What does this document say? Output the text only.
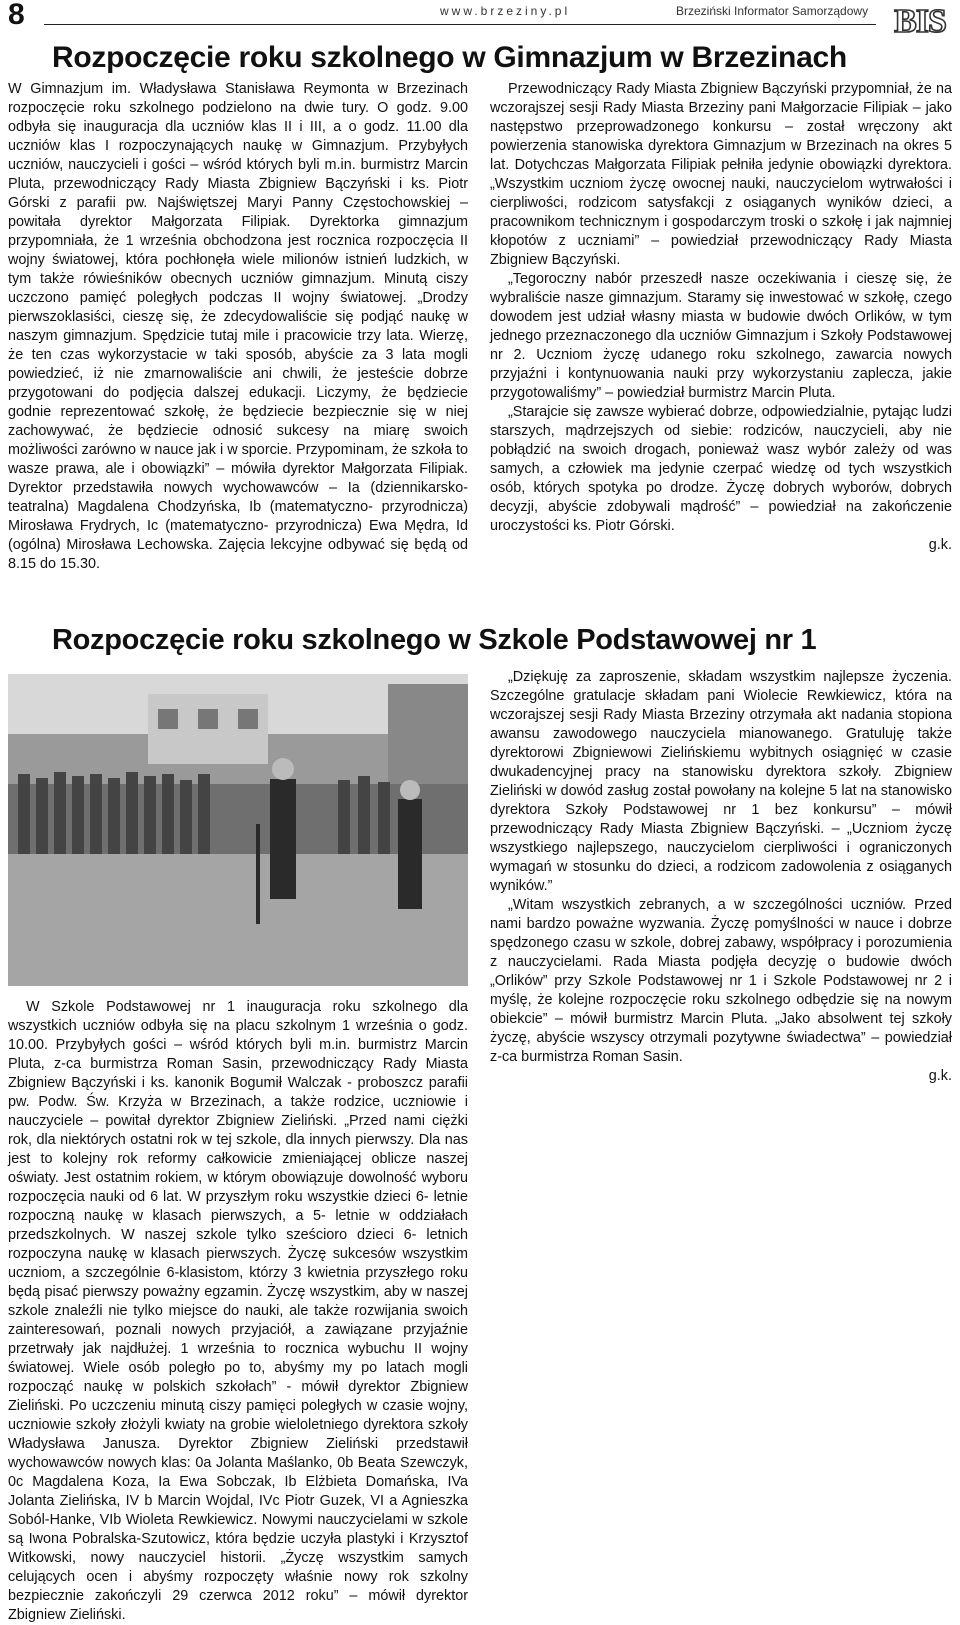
8	www.brzeziny.pl	Brzeziński Informator Samorządowy BIS
Rozpoczęcie roku szkolnego w Gimnazjum w Brzezinach

W Gimnazjum im. Władysława Stanisława Reymonta w Brzezinach rozpoczęcie roku szkolnego podzielono na dwie tury. O godz. 9.00 odbyła się inauguracja dla uczniów klas II i III, a o godz. 11.00 dla uczniów klas I rozpoczynających naukę w Gimnazjum. Przybyłych uczniów, nauczycieli i gości – wśród których byli m.in. burmistrz Marcin Pluta, przewodniczący Rady Miasta Zbigniew Bączyński i ks. Piotr Górski z parafii pw. Najświętszej Maryi Panny Częstochowskiej – powitała dyrektor Małgorzata Filipiak. Dyrektorka gimnazjum przypomniała, że 1 września obchodzona jest rocznica rozpoczęcia II wojny światowej, która pochłonęła wiele milionów istnień ludzkich, w tym także rówieśników obecnych uczniów gimnazjum. Minutą ciszy uczczono pamięć poległych podczas II wojny światowej. „Drodzy pierwszoklasiści, cieszę się, że zdecydowaliście się podjąć naukę w naszym gimnazjum. Spędzicie tutaj mile i pracowicie trzy lata. Wierzę, że ten czas wykorzystacie w taki sposób, abyście za 3 lata mogli powiedzieć, iż nie zmarnowaliście ani chwili, że jesteście dobrze przygotowani do podjęcia dalszej edukacji. Liczymy, że będziecie godnie reprezentować szkołę, że będziecie bezpiecznie się w niej zachowywać, że będziecie odnosić sukcesy na miarę swoich możliwości zarówno w nauce jak i w sporcie. Przypominam, że szkoła to wasze prawa, ale i obowiązki” – mówiła dyrektor Małgorzata Filipiak. Dyrektor przedstawiła nowych wychowawców – Ia (dziennikarsko-teatralna) Magdalena Chodzyńska, Ib (matematyczno- przyrodnicza) Mirosława Frydrych, Ic (matematyczno- przyrodnicza) Ewa Mędra, Id (ogólna) Mirosława Lechowska. Zajęcia lekcyjne odbywać się będą od 8.15 do 15.30.

Przewodniczący Rady Miasta Zbigniew Bączyński przypomniał, że na wczorajszej sesji Rady Miasta Brzeziny pani Małgorzacie Filipiak – jako następstwo przeprowadzonego konkursu – został wręczony akt powierzenia stanowiska dyrektora Gimnazjum w Brzezinach na okres 5 lat. Dotychczas Małgorzata Filipiak pełniła jedynie obowiązki dyrektora. „Wszystkim uczniom życzę owocnej nauki, nauczycielom wytrwałości i cierpliwości, rodzicom satysfakcji z osiąganych wyników dzieci, a pracownikom technicznym i gospodarczym troski o szkołę i jak najmniej kłopotów z uczniami” – powiedział przewodniczący Rady Miasta Zbigniew Bączyński.

„Tegoroczny nabór przeszedł nasze oczekiwania i cieszę się, że wybraliście nasze gimnazjum. Staramy się inwestować w szkołę, czego dowodem jest udział własny miasta w budowie dwóch Orlików, w tym jednego przeznaczonego dla uczniów Gimnazjum i Szkoły Podstawowej nr 2. Uczniom życzę udanego roku szkolnego, zawarcia nowych przyjaźni i kontynuowania nauki przy wykorzystaniu zaplecza, jakie przygotowaliśmy” – powiedział burmistrz Marcin Pluta.

„Starajcie się zawsze wybierać dobrze, odpowiedzialnie, pytając ludzi starszych, mądrzejszych od siebie: rodziców, nauczycieli, aby nie pobłądzić na swoich drogach, ponieważ wasz wybór zależy od was samych, a człowiek ma jedynie czerpać wiedzę od tych wszystkich osób, których spotyka po drodze. Życzę dobrych wyborów, dobrych decyzji, abyście zdobywali mądrość” – powiedział na zakończenie uroczystości ks. Piotr Górski.

g.k.

Rozpoczęcie roku szkolnego w Szkole Podstawowej nr 1

W Szkole Podstawowej nr 1 inauguracja roku szkolnego dla wszystkich uczniów odbyła się na placu szkolnym 1 września o godz. 10.00. Przybyłych gości – wśród których byli m.in. burmistrz Marcin Pluta, z-ca burmistrza Roman Sasin, przewodniczący Rady Miasta Zbigniew Bączyński i ks. kanonik Bogumił Walczak - proboszcz parafii pw. Podw. Św. Krzyża w Brzezinach, a także rodzice, uczniowie i nauczyciele – powitał dyrektor Zbigniew Zieliński. „Przed nami ciężki rok, dla niektórych ostatni rok w tej szkole, dla innych pierwszy. Dla nas jest to kolejny rok reformy całkowicie zmieniającej oblicze naszej oświaty. Jest ostatnim rokiem, w którym obowiązuje dowolność wyboru rozpoczęcia nauki od 6 lat. W przyszłym roku wszystkie dzieci 6- letnie rozpoczną naukę w klasach pierwszych, a 5- letnie w oddziałach przedszkolnych. W naszej szkole tylko sześcioro dzieci 6- letnich rozpoczyna naukę w klasach pierwszych. Życzę sukcesów wszystkim uczniom, a szczególnie 6-klasistom, którzy 3 kwietnia przyszłego roku będą pisać pierwszy poważny egzamin. Życzę wszystkim, aby w naszej szkole znaleźli nie tylko miejsce do nauki, ale także rozwijania swoich zainteresowań, poznali nowych przyjaciół, a zawiązane przyjaźnie przetrwały jak najdłużej. 1 września to rocznica wybuchu II wojny światowej. Wiele osób poległo po to, abyśmy my po latach mogli rozpocząć naukę w polskich szkołach” - mówił dyrektor Zbigniew Zieliński. Po uczczeniu minutą ciszy pamięci poległych w czasie wojny, uczniowie szkoły złożyli kwiaty na grobie wieloletniego dyrektora szkoły Władysława Janusza. Dyrektor Zbigniew Zieliński przedstawił wychowawców nowych klas: 0a Jolanta Maślanko, 0b Beata Szewczyk, 0c Magdalena Koza, Ia Ewa Sobczak, Ib Elżbieta Domańska, IVa Jolanta Zielińska, IV b Marcin Wojdal, IVc Piotr Guzek, VI a Agnieszka Soból-Hanke, VIb Wioleta Rewkiewicz. Nowymi nauczycielami w szkole są Iwona Pobralska-Szutowicz, która będzie uczyła plastyki i Krzysztof Witkowski, nowy nauczyciel historii. „Życzę wszystkim samych celujących ocen i abyśmy rozpoczęty właśnie nowy rok szkolny bezpiecznie zakończyli 29 czerwca 2012 roku” – mówił dyrektor Zbigniew Zieliński.

„Dziękuję za zaproszenie, składam wszystkim najlepsze życzenia. Szczególne gratulacje składam pani Wiolecie Rewkiewicz, która na wczorajszej sesji Rady Miasta Brzeziny otrzymała akt nadania stopiona awansu zawodowego nauczyciela mianowanego. Gratuluję także dyrektorowi Zbigniewowi Zielińskiemu wybitnych osiągnięć w czasie dwukadencyjnej pracy na stanowisku dyrektora szkoły. Zbigniew Zieliński w dowód zasług został powołany na kolejne 5 lat na stanowisko dyrektora Szkoły Podstawowej nr 1 bez konkursu” – mówił przewodniczący Rady Miasta Zbigniew Bączyński. – „Uczniom życzę wszystkiego najlepszego, nauczycielom cierpliwości i ograniczonych wymagań w stosunku do dzieci, a rodzicom zadowolenia z osiąganych wyników.”

„Witam wszystkich zebranych, a w szczególności uczniów. Przed nami bardzo poważne wyzwania. Życzę pomyślności w nauce i dobrze spędzonego czasu w szkole, dobrej zabawy, współpracy i porozumienia z nauczycielami. Rada Miasta podjęła decyzję o budowie dwóch „Orlików” przy Szkole Podstawowej nr 1 i Szkole Podstawowej nr 2 i myślę, że kolejne rozpoczęcie roku szkolnego odbędzie się na nowym obiekcie” – mówił burmistrz Marcin Pluta. „Jako absolwent tej szkoły życzę, abyście wszyscy otrzymali pozytywne świadectwa” – powiedział z-ca burmistrza Roman Sasin.

g.k.
